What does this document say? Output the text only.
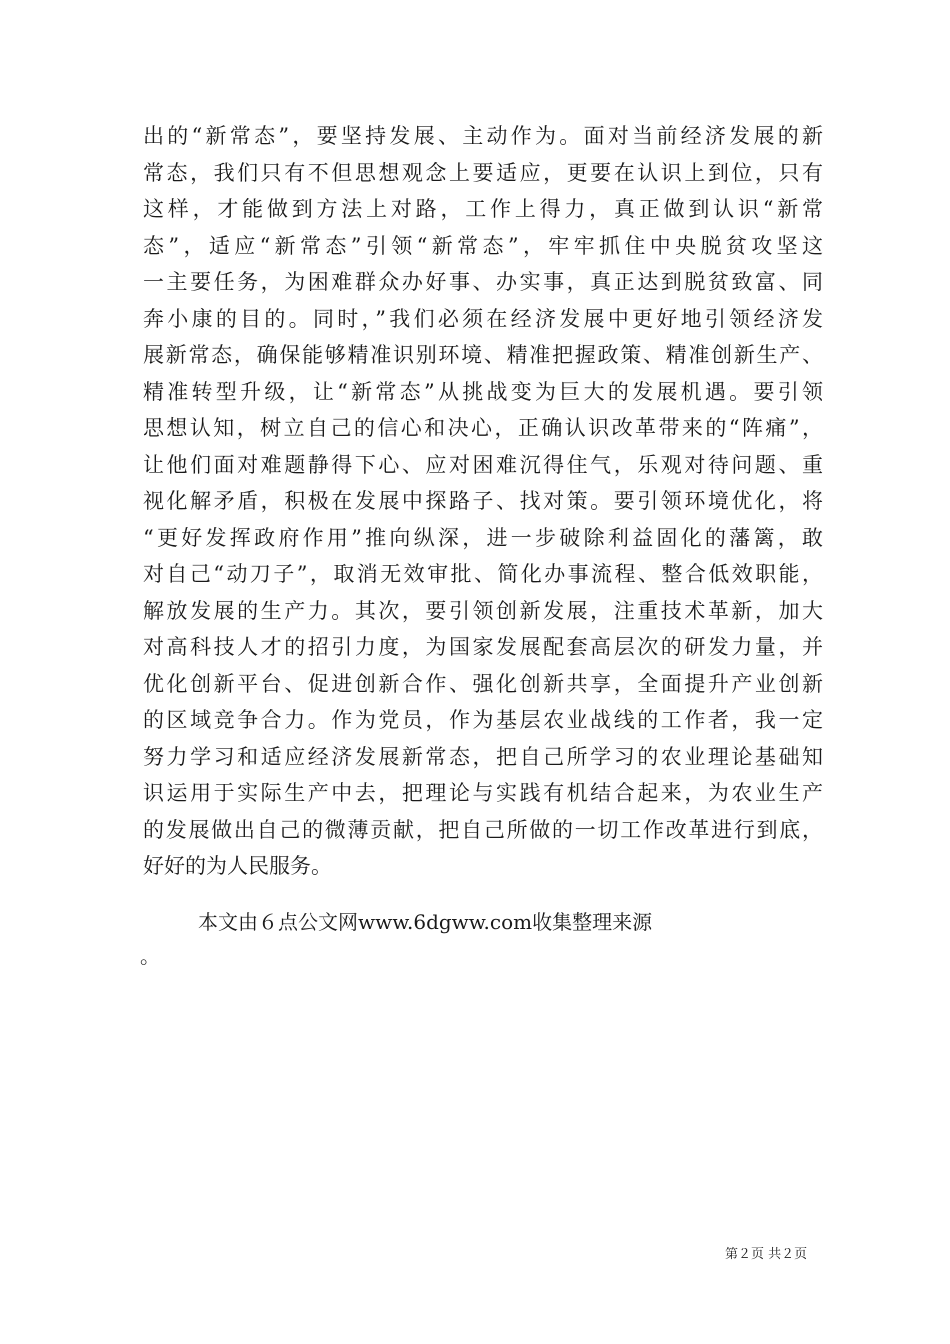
出的“新常态”，要坚持发展、主动作为。面对当前经济发展的新
常态，我们只有不但思想观念上要适应，更要在认识上到位，只有
这样，才能做到方法上对路，工作上得力，真正做到认识“新常
态”，适应“新常态”引领“新常态”，牢牢抓住中央脱贫攻坚这
一主要任务，为困难群众办好事、办实事，真正达到脱贫致富、同
奔小康的目的。同时，”我们必须在经济发展中更好地引领经济发
展新常态，确保能够精准识别环境、精准把握政策、精准创新生产、
精准转型升级，让“新常态”从挑战变为巨大的发展机遇。要引领
思想认知，树立自己的信心和决心，正确认识改革带来的“阵痛”，
让他们面对难题静得下心、应对困难沉得住气，乐观对待问题、重
视化解矛盾，积极在发展中探路子、找对策。要引领环境优化，将
“更好发挥政府作用”推向纵深，进一步破除利益固化的藩篱，敢
对自己“动刀子”，取消无效审批、简化办事流程、整合低效职能，
解放发展的生产力。其次，要引领创新发展，注重技术革新，加大
对高科技人才的招引力度，为国家发展配套高层次的研发力量，并
优化创新平台、促进创新合作、强化创新共享，全面提升产业创新
的区域竞争合力。作为党员，作为基层农业战线的工作者，我一定
努力学习和适应经济发展新常态，把自己所学习的农业理论基础知
识运用于实际生产中去，把理论与实践有机结合起来，为农业生产
的发展做出自己的微薄贡献，把自己所做的一切工作改革进行到底，
好好的为人民服务。
本文由６点公文网www.6dgww.com收集整理来源
。
第２页 共２页
